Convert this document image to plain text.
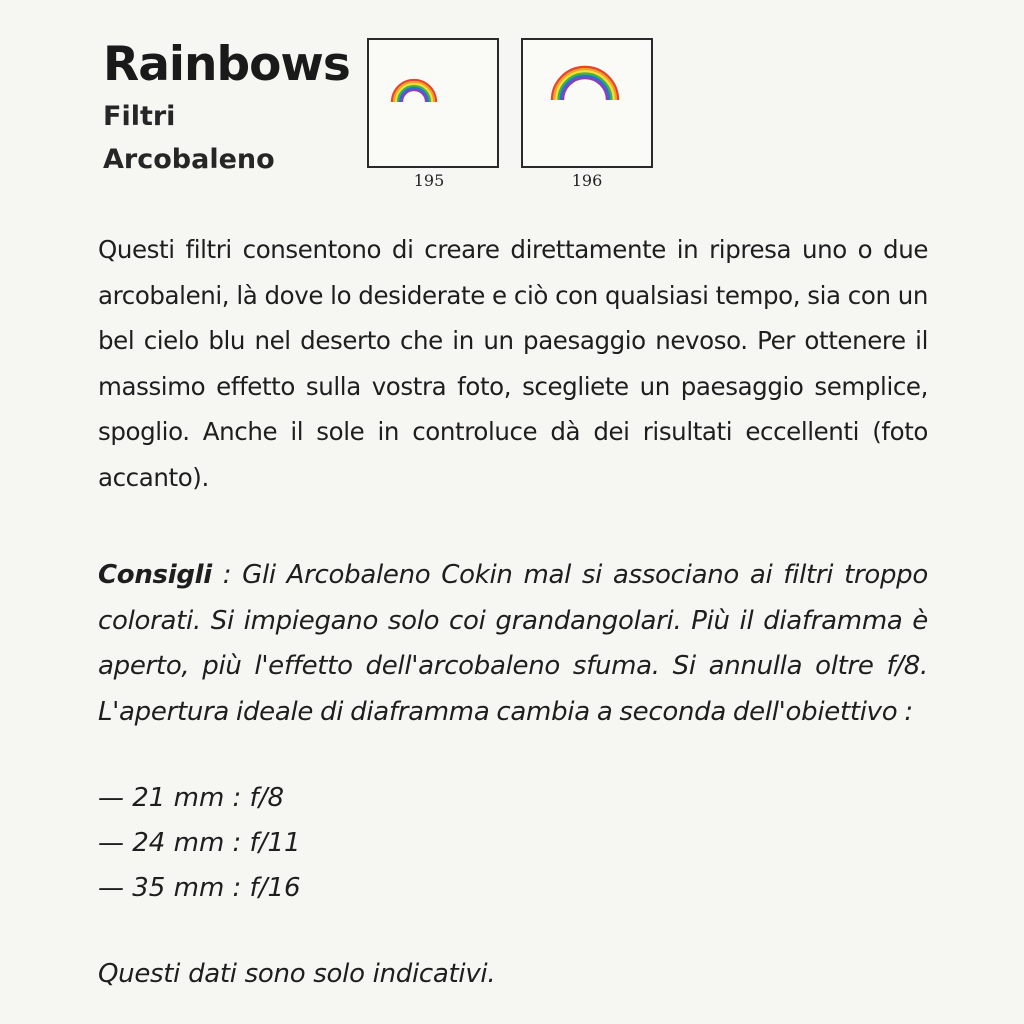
Rainbows
Filtri
Arcobaleno
195	196
Questi filtri consentono di creare direttamente in ripresa uno o due arcobaleni, là dove lo desiderate e ciò con qualsiasi tempo, sia con un bel cielo blu nel deserto che in un paesaggio nevoso. Per ottenere il massimo effetto sulla vostra foto, scegliete un paesaggio semplice, spoglio. Anche il sole in controluce dà dei risultati eccellenti (foto accanto).
Consigli : Gli Arcobaleno Cokin mal si associano ai filtri troppo colorati. Si impiegano solo coi grandangolari. Più il diaframma è aperto, più l'effetto dell'arcobaleno sfuma. Si annulla oltre f/8. L'apertura ideale di diaframma cambia a seconda dell'obiettivo :
— 21 mm : f/8
— 24 mm : f/11
— 35 mm : f/16
Questi dati sono solo indicativi.
